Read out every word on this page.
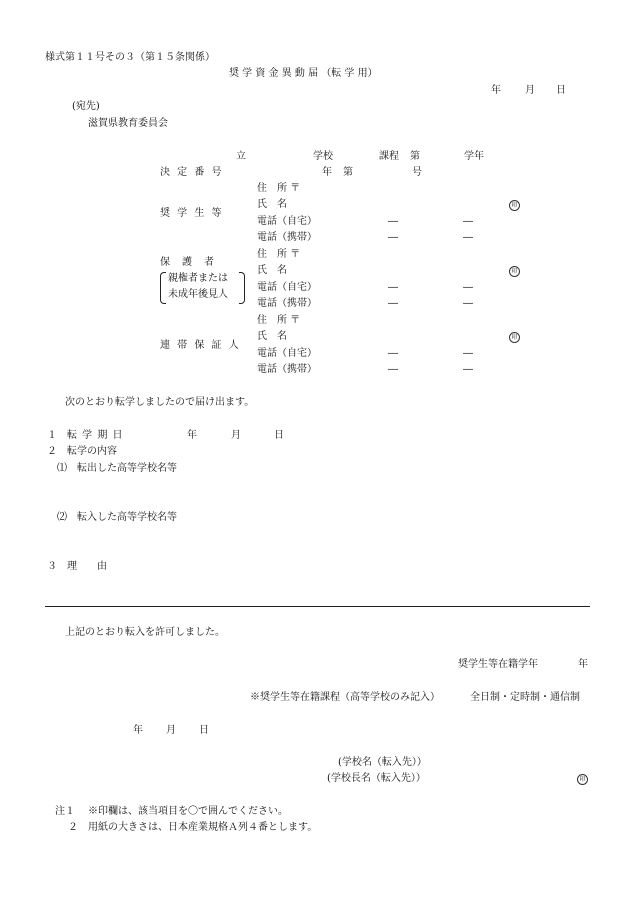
様式第１１号その３（第１５条関係）
奨 学 資 金 異 動 届 （転 学 用）
年 月 日
(宛先)
滋賀県教育委員会
立	学校	課程 第	学年
決 定 番 号	年 第	号
奨 学 生 等
住　所 〒
氏　名	印
電話（自宅）	―	―
電話（携帯）	―	―
保　護　者
親権者または
未成年後見人
住　所 〒
氏　名	印
電話（自宅）	―	―
電話（携帯）	―	―
連 帯 保 証 人
住　所 〒
氏　名	印
電話（自宅）	―	―
電話（携帯）	―	―
次のとおり転学しましたので届け出ます。
１ 転 学 期 日	年	月	日
２　転学の内容
⑴　転出した高等学校名等
⑵　転入した高等学校名等
３ 理　　由
上記のとおり転入を許可しました。
奨学生等在籍学年	年
※奨学生等在籍課程（高等学校のみ記入）	全日制・定時制・通信制
年 月 日
(学校名（転入先））
(学校長名（転入先））	印
注１ ※印欄は、該当項目を〇で囲んでください。
２ 用紙の大きさは、日本産業規格Ａ列４番とします。
